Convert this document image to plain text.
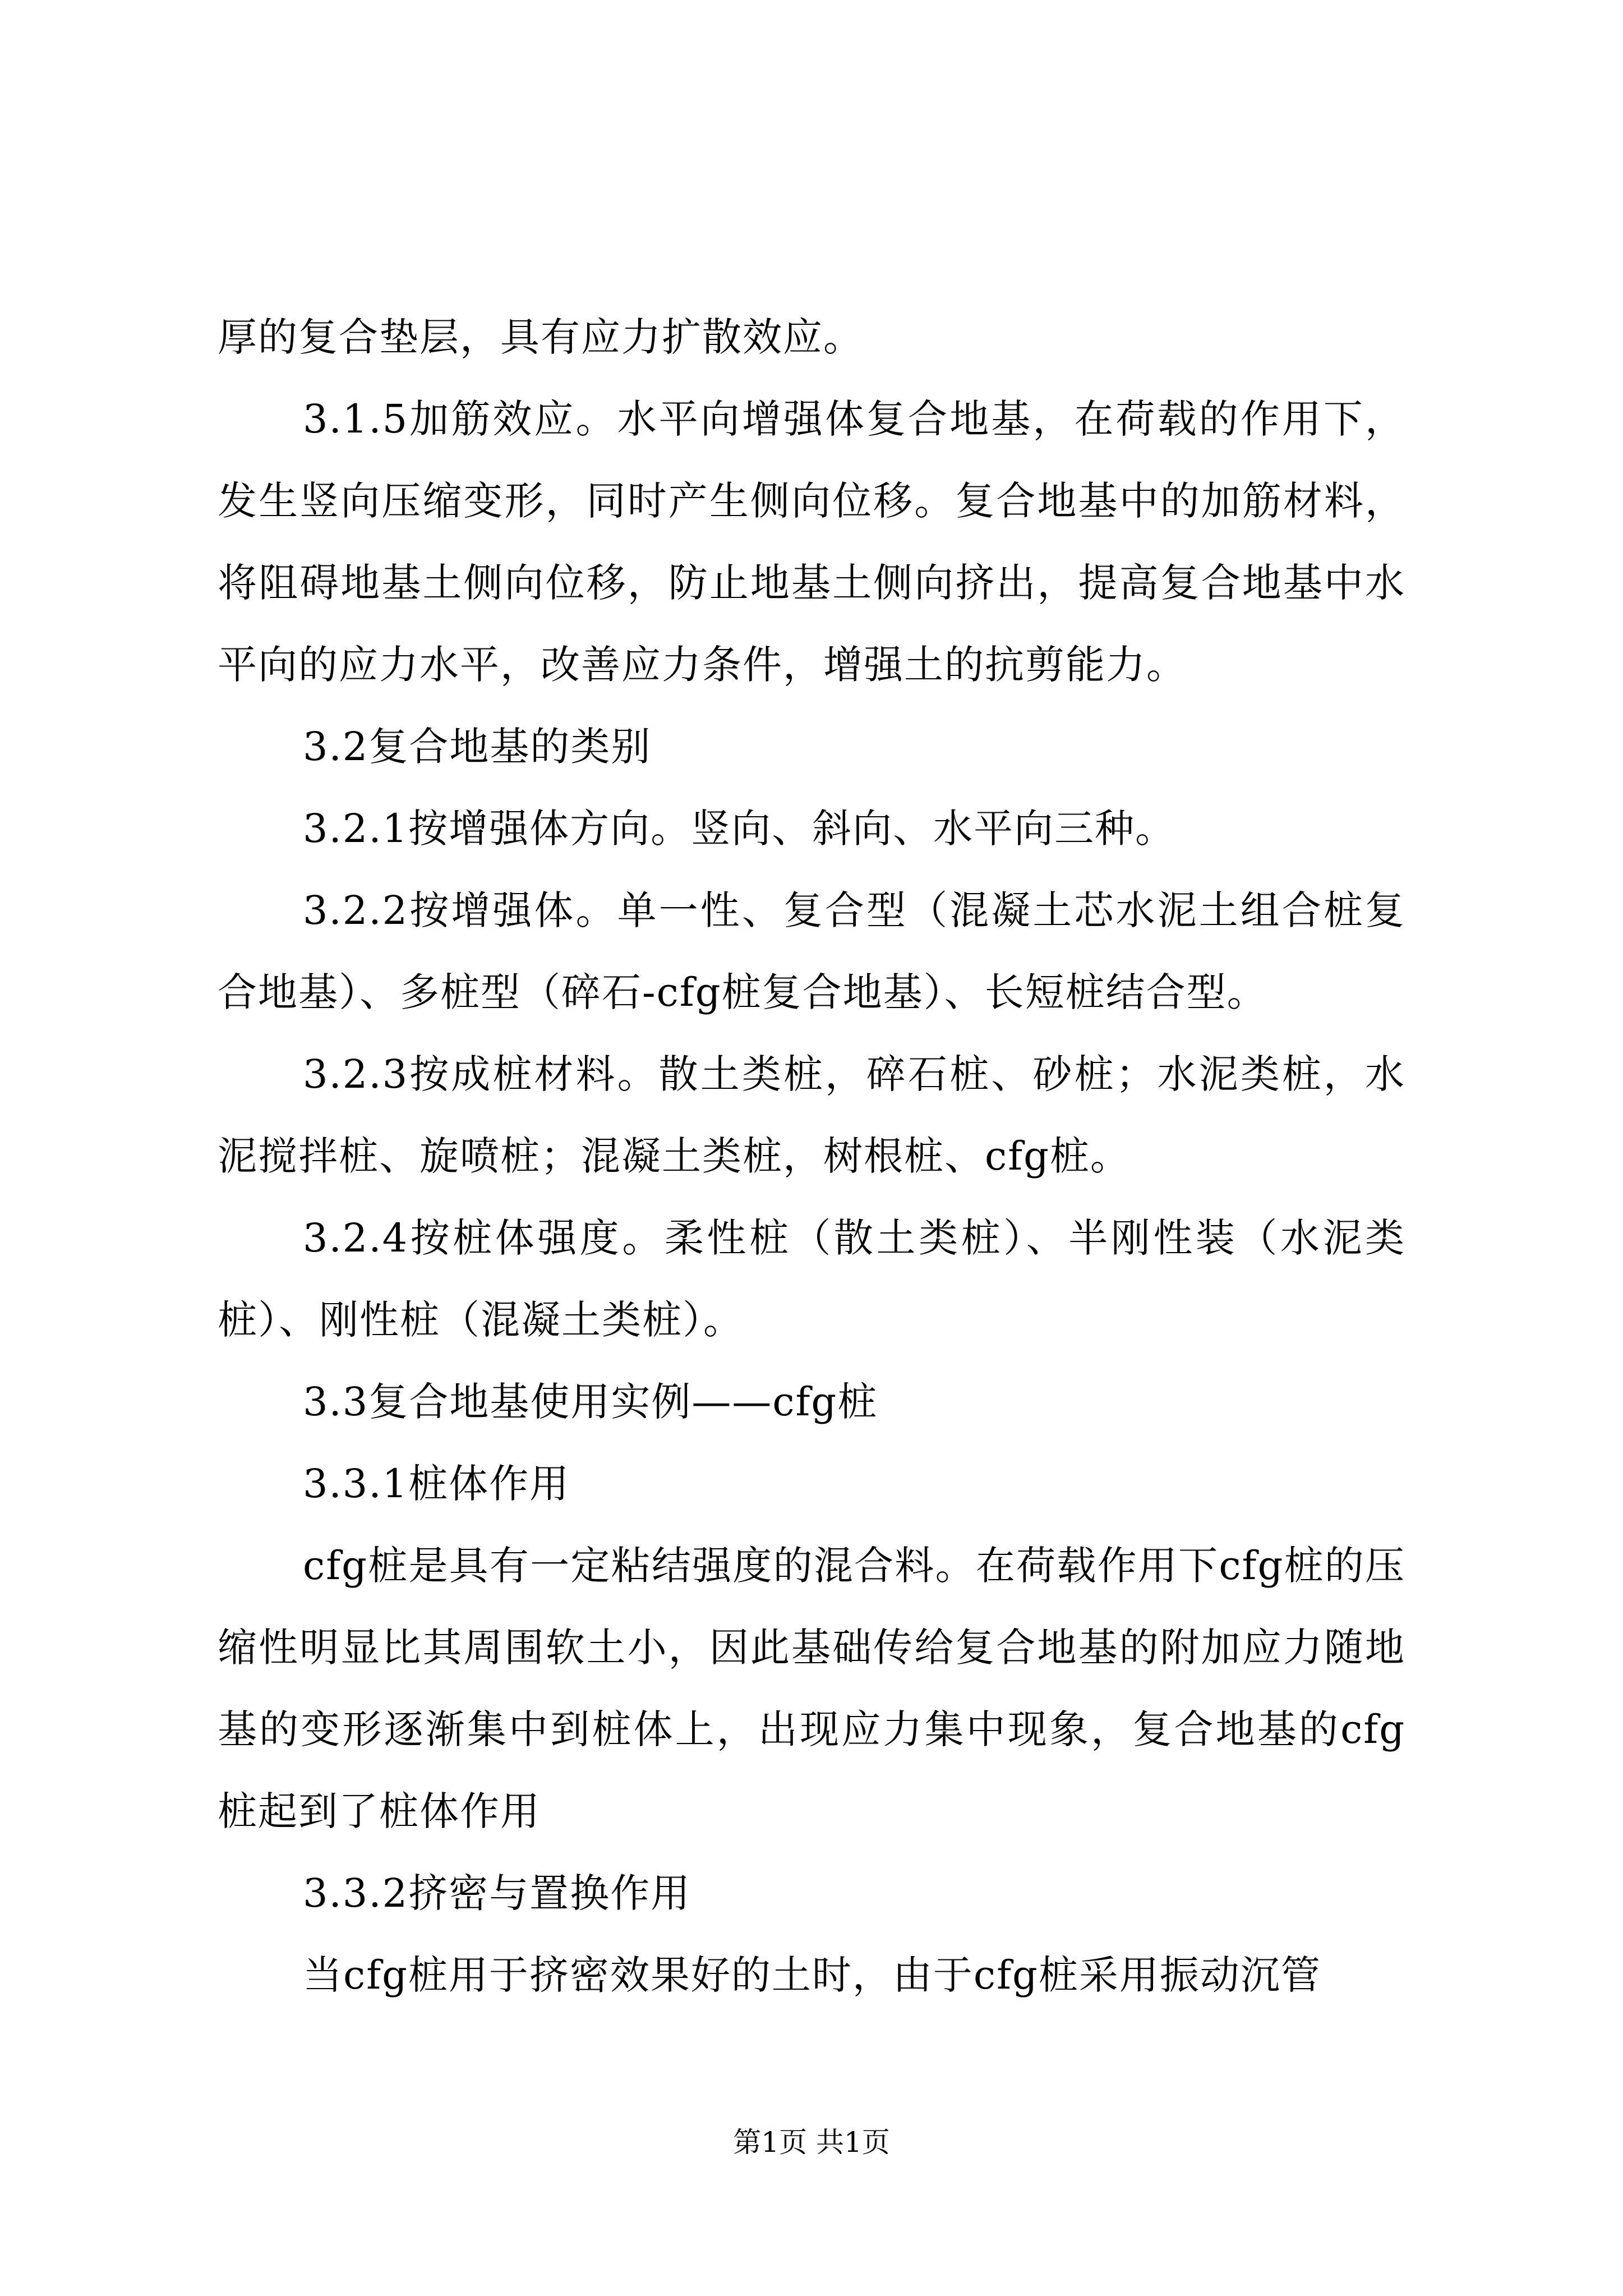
厚的复合垫层，具有应力扩散效应。

3.1.5加筋效应。水平向增强体复合地基，在荷载的作用下，发生竖向压缩变形，同时产生侧向位移。复合地基中的加筋材料，将阻碍地基土侧向位移，防止地基土侧向挤出，提高复合地基中水平向的应力水平，改善应力条件，增强土的抗剪能力。

3.2复合地基的类别

3.2.1按增强体方向。竖向、斜向、水平向三种。

3.2.2按增强体。单一性、复合型（混凝土芯水泥土组合桩复合地基）、多桩型（碎石-cfg桩复合地基）、长短桩结合型。

3.2.3按成桩材料。散土类桩，碎石桩、砂桩；水泥类桩，水泥搅拌桩、旋喷桩；混凝土类桩，树根桩、cfg桩。

3.2.4按桩体强度。柔性桩（散土类桩）、半刚性装（水泥类桩）、刚性桩（混凝土类桩）。

3.3复合地基使用实例——cfg桩

3.3.1桩体作用

cfg桩是具有一定粘结强度的混合料。在荷载作用下cfg桩的压缩性明显比其周围软土小，因此基础传给复合地基的附加应力随地基的变形逐渐集中到桩体上，出现应力集中现象，复合地基的cfg桩起到了桩体作用

3.3.2挤密与置换作用

当cfg桩用于挤密效果好的土时，由于cfg桩采用振动沉管

第1页 共1页
